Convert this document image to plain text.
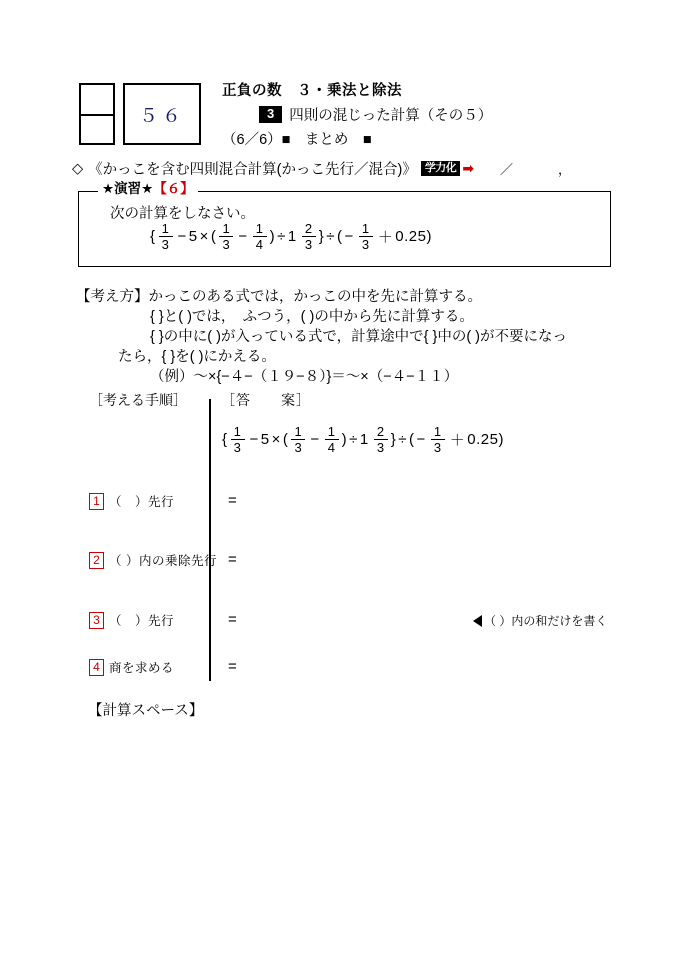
５６
正負の数　３・乗法と除法
3	四則の混じった計算（その５）
（6／6）■　まとめ　■
◇ 《かっこを含む四則混合計算(かっこ先行／混合)》 学力化 ➡ ／　，
★演習★【６】
次の計算をしなさい。
{ $\frac{1}{3} - 5$ × ( $\frac{1}{3} - \frac{1}{4}$ ) ÷ $1 \frac{2}{3}$ } ÷ ( − $\frac{1}{3} + 0.25$ )
【考え方】かっこのある式では，かっこの中を先に計算する。
{ }と( )では，　ふつう，( )の中から先に計算する。
{ }の中に( )が入っている式で，計算途中で{ }中の( )が不要になっ
たら，{ }を( )にかえる。
（例）〜×{−４−（１９−８）}＝〜×（−４−１１）
［考える手順］ ［答　　案］
{ $\frac{1}{3} - 5$ × ( $\frac{1}{3} - \frac{1}{4}$ ) ÷ $1 \frac{2}{3}$ } ÷ ( − $\frac{1}{3} + 0.25$ )
1 （　）先行	=
2 （ ）内の乗除先行 =
3 （　）先行	=	（ ）内の和だけを書く
4 商を求める	=
【計算スペース】
